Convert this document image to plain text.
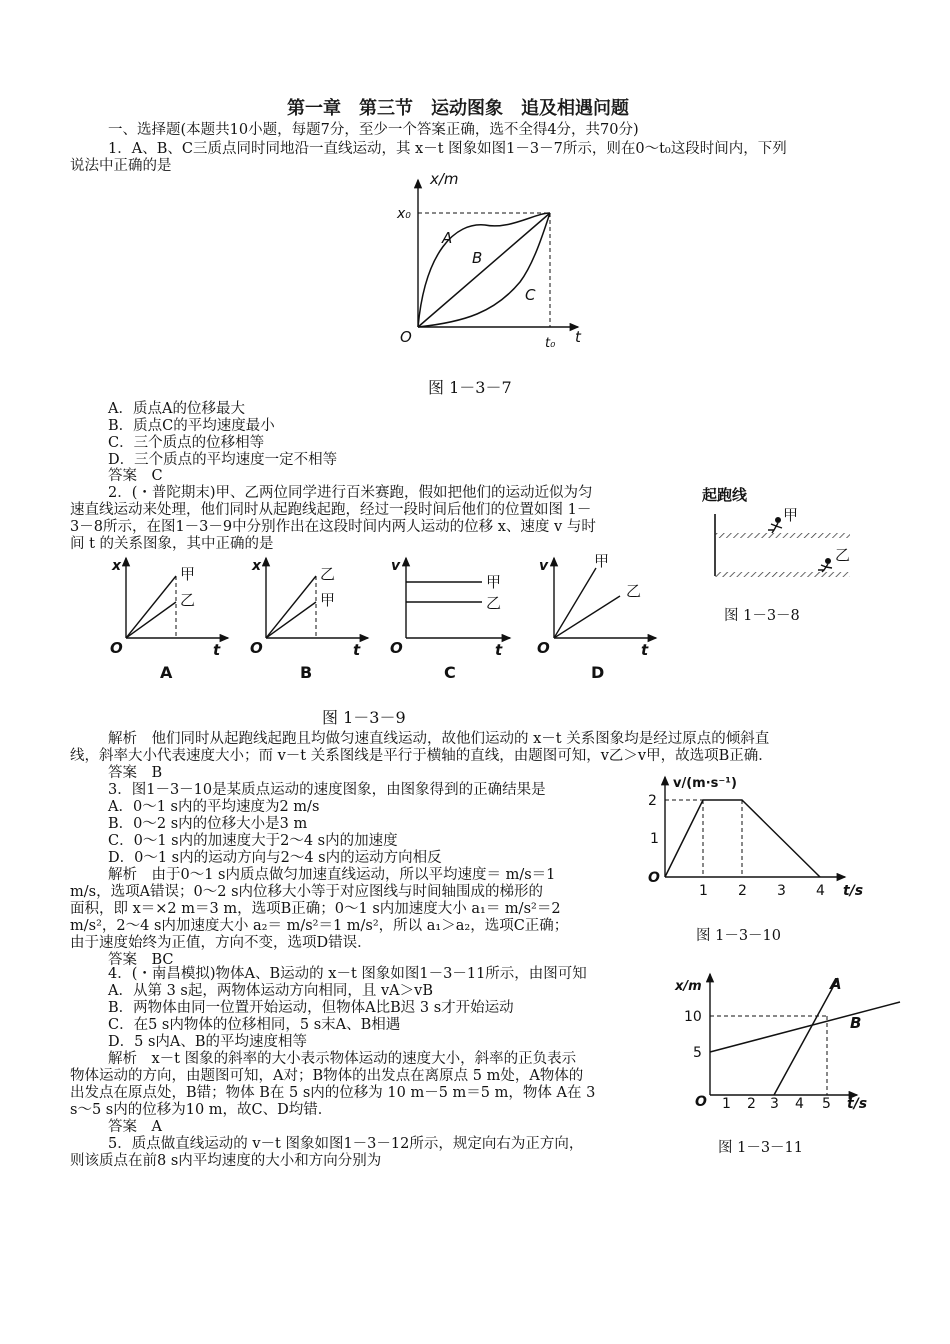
第一章　第三节　运动图象　追及相遇问题
一、选择题(本题共10小题，每题7分，至少一个答案正确，选不全得4分，共70分)
1．A、B、C三质点同时同地沿一直线运动，其 x－t 图象如图1－3－7所示，则在0～t₀这段时间内，下列
说法中正确的是
x/m
x₀
O	t
t₀
A
B
C
图 1－3－7
A．质点A的位移最大
B．质点C的平均速度最小
C．三个质点的位移相等
D．三个质点的平均速度一定不相等
答案　C
2．(・普陀期末)甲、乙两位同学进行百米赛跑，假如把他们的运动近似为匀
速直线运动来处理，他们同时从起跑线起跑，经过一段时间后他们的位置如图 1－
3－8所示，在图1－3－9中分别作出在这段时间内两人运动的位移 x、速度 v 与时
间 t 的关系图象，其中正确的是
起跑线
甲
乙
图 1－3－8
x	甲
乙
O	t
A
x	乙
甲
O	t
B
v
甲
乙
O	t
C
v	甲
乙
O	t
D
图 1－3－9
解析　他们同时从起跑线起跑且均做匀速直线运动，故他们运动的 x－t 关系图象均是经过原点的倾斜直
线，斜率大小代表速度大小；而 v－t 关系图线是平行于横轴的直线，由题图可知，v乙＞v甲，故选项B正确．
答案　B
3．图1－3－10是某质点运动的速度图象，由图象得到的正确结果是
A．0～1 s内的平均速度为2 m/s
B．0～2 s内的位移大小是3 m
C．0～1 s内的加速度大于2～4 s内的加速度
D．0～1 s内的运动方向与2～4 s内的运动方向相反
解析　由于0～1 s内质点做匀加速直线运动，所以平均速度＝ m/s＝1
m/s，选项A错误；0～2 s内位移大小等于对应图线与时间轴围成的梯形的
面积，即 x＝×2 m＝3 m，选项B正确；0～1 s内加速度大小 a₁＝ m/s²＝2
m/s²，2～4 s内加速度大小 a₂＝ m/s²＝1 m/s²，所以 a₁＞a₂，选项C正确；
由于速度始终为正值，方向不变，选项D错误．
答案　BC
v/(m·s⁻¹)
2
1
O
1 2 3 4 t/s
图 1－3－10
4．(・南昌模拟)物体A、B运动的 x－t 图象如图1－3－11所示，由图可知
A．从第 3 s起，两物体运动方向相同，且 vA＞vB
B．两物体由同一位置开始运动，但物体A比B迟 3 s才开始运动
C．在5 s内物体的位移相同，5 s末A、B相遇
D．5 s内A、B的平均速度相等
解析　x－t 图象的斜率的大小表示物体运动的速度大小，斜率的正负表示
物体运动的方向，由题图可知，A对；B物体的出发点在离原点 5 m处，A物体的
出发点在原点处，B错；物体 B在 5 s内的位移为 10 m－5 m＝5 m，物体 A在 3
s～5 s内的位移为10 m，故C、D均错．
答案　A
x/m
10
5
O 1 2 3 4 5 t/s
A
B
图 1－3－11
5．质点做直线运动的 v－t 图象如图1－3－12所示，规定向右为正方向，
则该质点在前8 s内平均速度的大小和方向分别为
